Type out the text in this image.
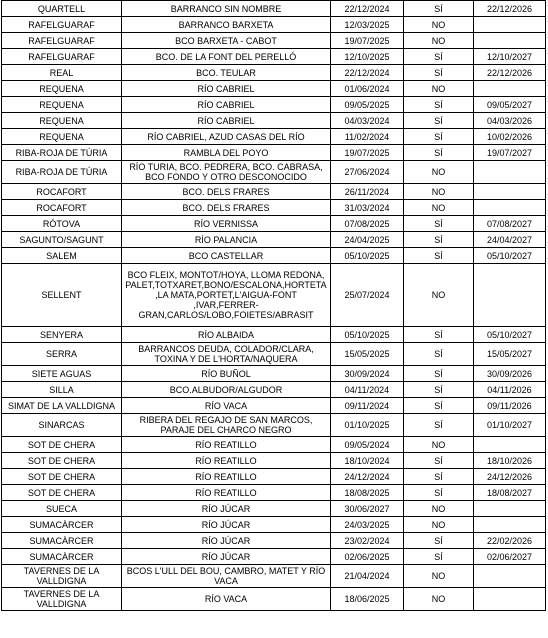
QUARTELL	BARRANCO SIN NOMBRE	22/12/2024	SÍ	22/12/2026
RAFELGUARAF	BARRANCO BARXETA	12/03/2025	NO	
RAFELGUARAF	BCO BARXETA - CABOT	19/07/2025	NO	
RAFELGUARAF	BCO. DE LA FONT DEL PERELLÓ	12/10/2025	SÍ	12/10/2027
REAL	BCO. TEULAR	22/12/2024	SÍ	22/12/2026
REQUENA	RÍO CABRIEL	01/06/2024	NO	
REQUENA	RÍO CABRIEL	09/05/2025	SÍ	09/05/2027
REQUENA	RÍO CABRIEL	04/03/2024	SÍ	04/03/2026
REQUENA	RÍO CABRIEL, AZUD CASAS DEL RÍO	11/02/2024	SÍ	10/02/2026
RIBA-ROJA DE TÚRIA	RAMBLA DEL POYO	19/07/2025	SÍ	19/07/2027
RIBA-ROJA DE TÚRIA	RÍO TURIA, BCO. PEDRERA, BCO. CABRASA, BCO FONDO Y OTRO DESCONOCIDO	27/06/2024	NO	
ROCAFORT	BCO. DELS FRARES	26/11/2024	NO	
ROCAFORT	BCO. DELS FRARES	31/03/2024	NO	
RÓTOVA	RÍO VERNISSA	07/08/2025	SÍ	07/08/2027
SAGUNTO/SAGUNT	RÍO PALANCIA	24/04/2025	SÍ	24/04/2027
SALEM	BCO CASTELLAR	05/10/2025	SÍ	05/10/2027
SELLENT	BCO FLEIX, MONTOT/HOYA, LLOMA REDONA, PALET,TOTXARET,BONO/ESCALONA,HORTETA ,LA MATA,PORTET,L'AIGUA-FONT ,IVAR,FERRER-GRAN,CARLOS/LOBO,FOIETES/ABRASIT	25/07/2024	NO	
SENYERA	RÍO ALBAIDA	05/10/2025	SÍ	05/10/2027
SERRA	BARRANCOS DEUDA, COLADOR/CLARA, TOXINA Y DE L'HORTA/NAQUERA	15/05/2025	SÍ	15/05/2027
SIETE AGUAS	RÍO BUÑOL	30/09/2024	SÍ	30/09/2026
SILLA	BCO.ALBUDOR/ALGUDOR	04/11/2024	SÍ	04/11/2026
SIMAT DE LA VALLDIGNA	RÍO VACA	09/11/2024	SÍ	09/11/2026
SINARCAS	RIBERA DEL REGAJO DE SAN MARCOS, PARAJE DEL CHARCO NEGRO	01/10/2025	SÍ	01/10/2027
SOT DE CHERA	RÍO REATILLO	09/05/2024	NO	
SOT DE CHERA	RÍO REATILLO	18/10/2024	SÍ	18/10/2026
SOT DE CHERA	RÍO REATILLO	24/12/2024	SÍ	24/12/2026
SOT DE CHERA	RÍO REATILLO	18/08/2025	SÍ	18/08/2027
SUECA	RÍO JÚCAR	30/06/2027	NO	
SUMACÀRCER	RÍO JÚCAR	24/03/2025	NO	
SUMACÀRCER	RÍO JÚCAR	23/02/2024	SÍ	22/02/2026
SUMACÀRCER	RÍO JÚCAR	02/06/2025	SÍ	02/06/2027
TAVERNES DE LA VALLDIGNA	BCOS L'ULL DEL BOU, CAMBRO, MATET Y RÍO VACA	21/04/2024	NO	
TAVERNES DE LA VALLDIGNA	RÍO VACA	18/06/2025	NO	
